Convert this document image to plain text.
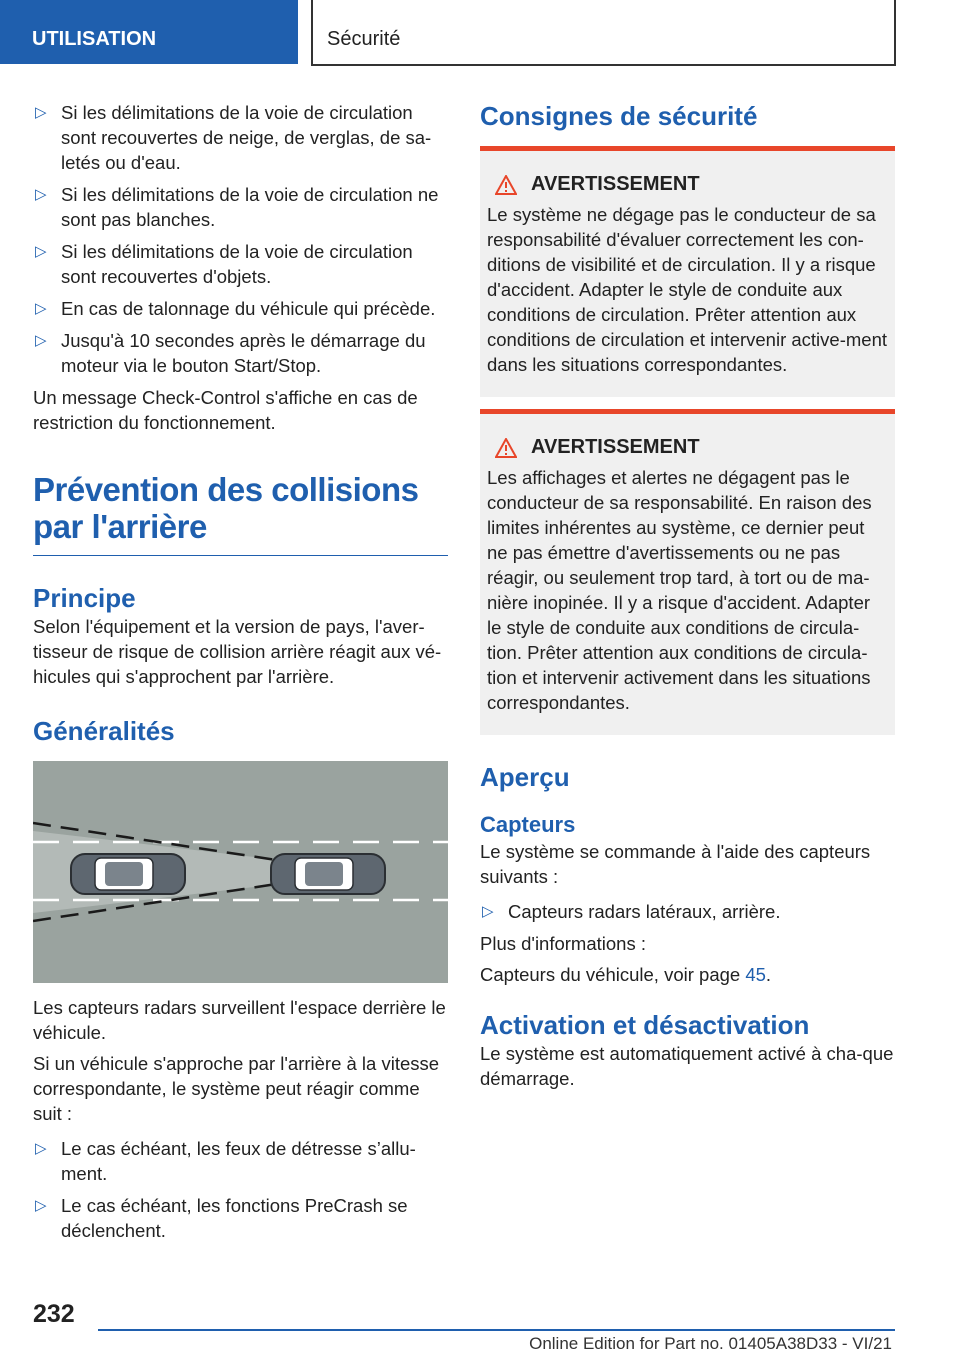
UTILISATION	Sécurité
▷ Si les délimitations de la voie de circulation sont recouvertes de neige, de verglas, de sa-letés ou d'eau.
▷ Si les délimitations de la voie de circulation ne sont pas blanches.
▷ Si les délimitations de la voie de circulation sont recouvertes d'objets.
▷ En cas de talonnage du véhicule qui précède.
▷ Jusqu'à 10 secondes après le démarrage du moteur via le bouton Start/Stop.

Un message Check-Control s'affiche en cas de restriction du fonctionnement.

Prévention des collisions par l'arrière
Principe

Selon l'équipement et la version de pays, l'aver-tisseur de risque de collision arrière réagit aux vé-hicules qui s'approchent par l'arrière.

Généralités

Les capteurs radars surveillent l'espace derrière le véhicule.

Si un véhicule s'approche par l'arrière à la vitesse correspondante, le système peut réagir comme suit :

▷ Le cas échéant, les feux de détresse s’allu-ment.
▷ Le cas échéant, les fonctions PreCrash se déclenchent.
Consignes de sécurité
AVERTISSEMENT

Le système ne dégage pas le conducteur de sa responsabilité d'évaluer correctement les con-ditions de visibilité et de circulation. Il y a risque d'accident. Adapter le style de conduite aux conditions de circulation. Prêter attention aux conditions de circulation et intervenir active-ment dans les situations correspondantes.

AVERTISSEMENT

Les affichages et alertes ne dégagent pas le conducteur de sa responsabilité. En raison des limites inhérentes au système, ce dernier peut ne pas émettre d'avertissements ou ne pas réagir, ou seulement trop tard, à tort ou de ma-nière inopinée. Il y a risque d'accident. Adapter le style de conduite aux conditions de circula-tion. Prêter attention aux conditions de circula-tion et intervenir activement dans les situations correspondantes.

Aperçu
Capteurs

Le système se commande à l'aide des capteurs suivants :

▷ Capteurs radars latéraux, arrière.

Plus d'informations :

Capteurs du véhicule, voir page 45.

Activation et désactivation

Le système est automatiquement activé à cha-que démarrage.

232
Online Edition for Part no. 01405A38D33 - VI/21
